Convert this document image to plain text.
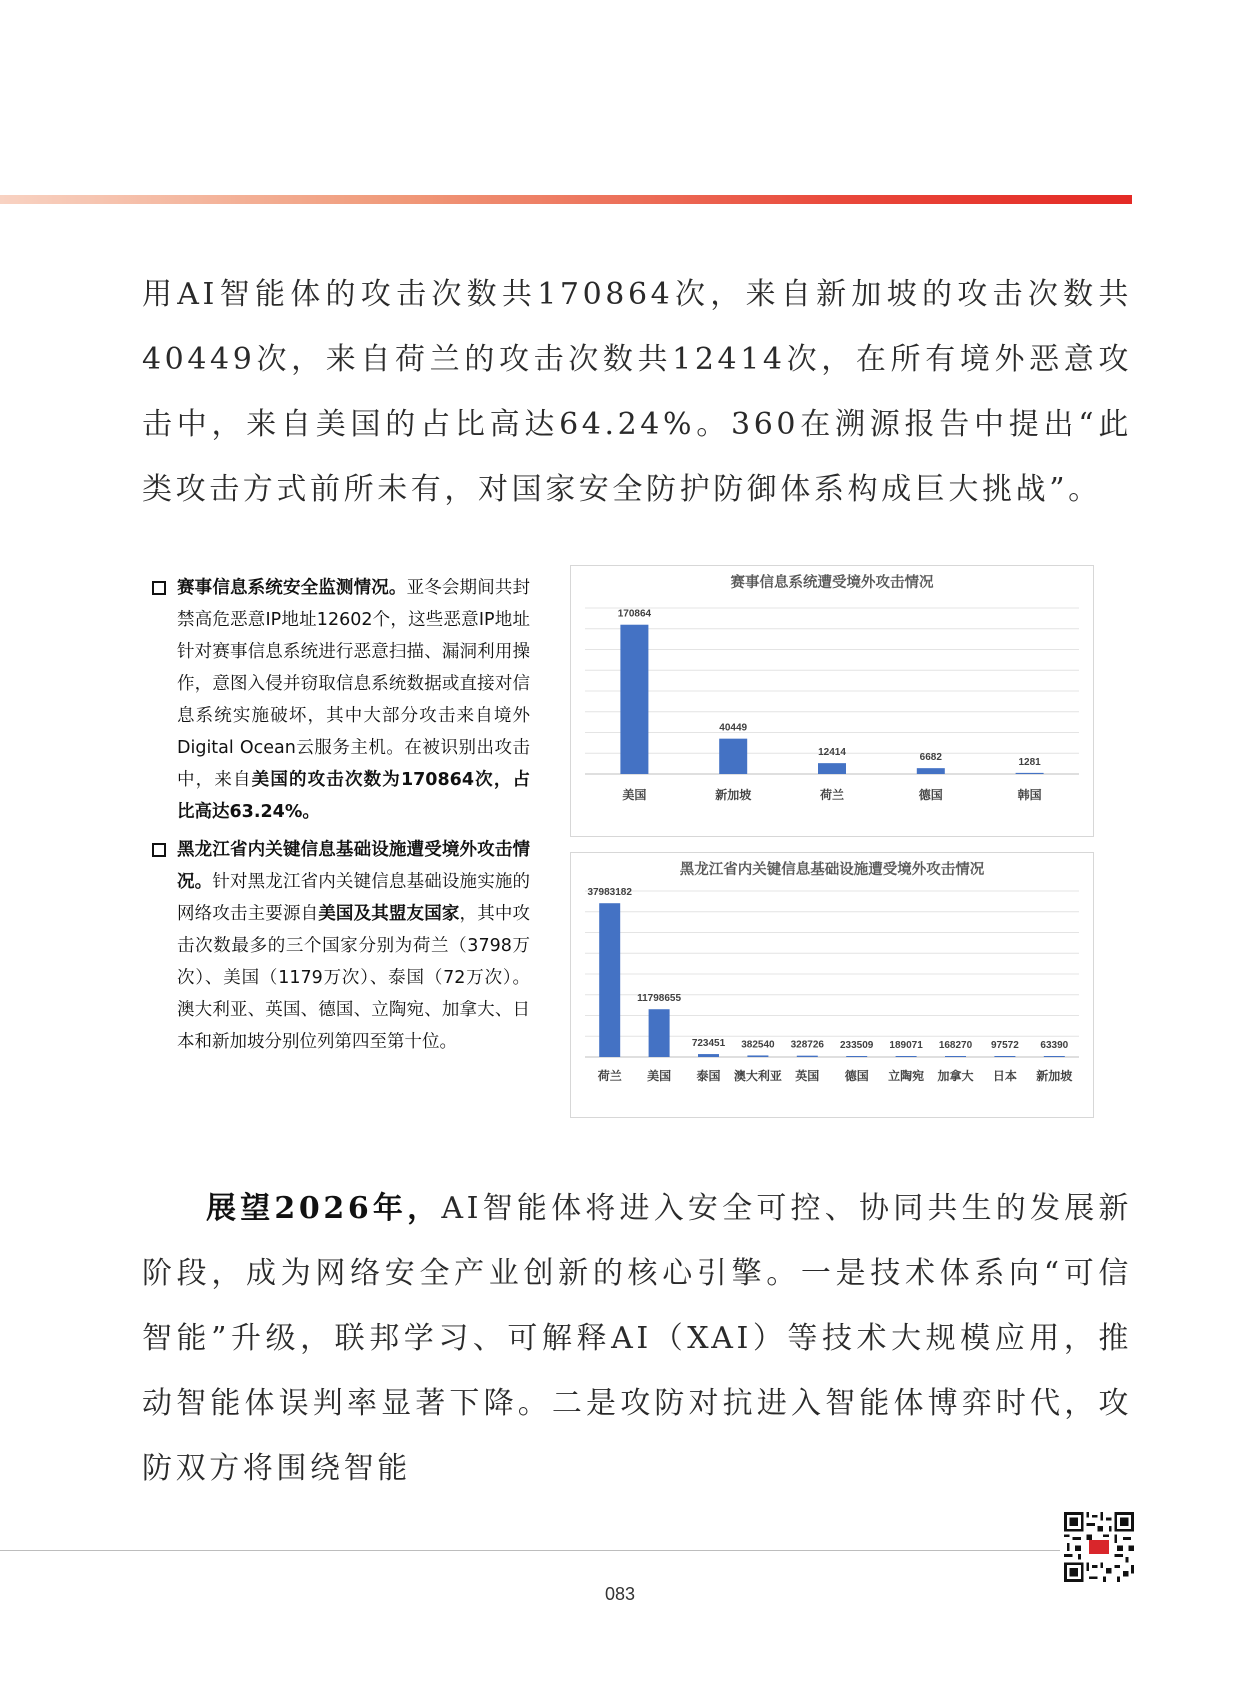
用AI智能体的攻击次数共170864次，来自新加坡的攻击次数共40449次，来自荷兰的攻击次数共12414次，在所有境外恶意攻击中，来自美国的占比高达64.24%。360在溯源报告中提出“此类攻击方式前所未有，对国家安全防护防御体系构成巨大挑战”。

赛事信息系统安全监测情况。亚冬会期间共封禁高危恶意IP地址12602个，这些恶意IP地址针对赛事信息系统进行恶意扫描、漏洞利用操作，意图入侵并窃取信息系统数据或直接对信息系统实施破坏，其中大部分攻击来自境外Digital Ocean云服务主机。在被识别出攻击中，来自美国的攻击次数为170864次，占比高达63.24%。
黑龙江省内关键信息基础设施遭受境外攻击情况。针对黑龙江省内关键信息基础设施实施的网络攻击主要源自美国及其盟友国家，其中攻击次数最多的三个国家分别为荷兰（3798万次）、美国（1179万次）、泰国（72万次）。澳大利亚、英国、德国、立陶宛、加拿大、日本和新加坡分别位列第四至第十位。
赛事信息系统遭受境外攻击情况
170864
美国
40449
新加坡
12414
荷兰
6682
德国
1281
韩国
黑龙江省内关键信息基础设施遭受境外攻击情况
37983182
荷兰
11798655
美国
723451
泰国
382540
澳大利亚
328726
英国
233509
德国
189071
立陶宛
168270
加拿大
97572
日本
63390
新加坡

展望2026年，AI智能体将进入安全可控、协同共生的发展新阶段，成为网络安全产业创新的核心引擎。一是技术体系向“可信智能”升级，联邦学习、可解释AI（XAI）等技术大规模应用，推动智能体误判率显著下降。二是攻防对抗进入智能体博弈时代，攻防双方将围绕智能

083
